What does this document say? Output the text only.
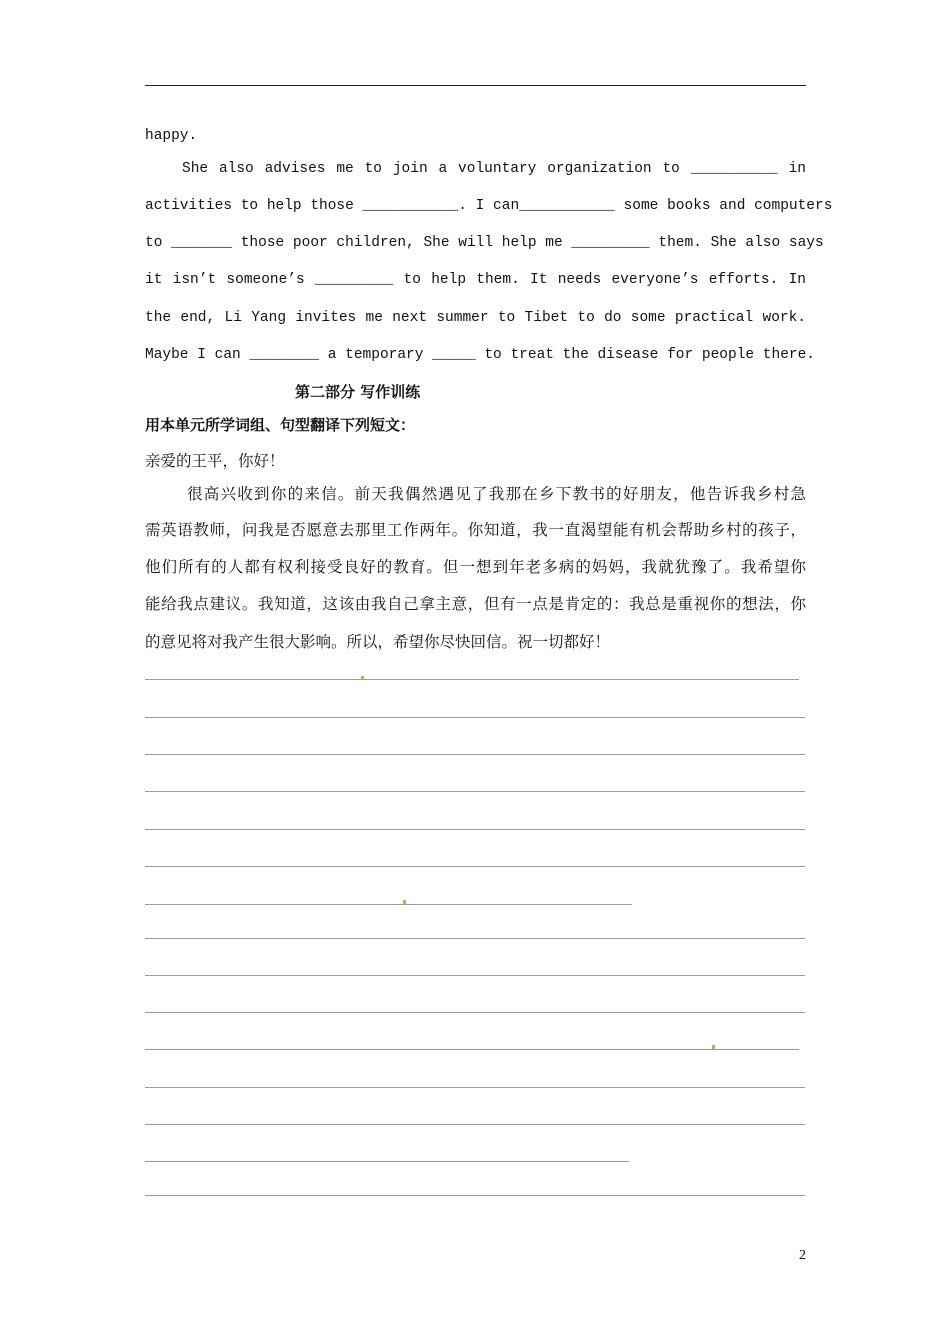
happy.
She also advises me to join a voluntary organization to __________ in
activities to help those ___________. I can___________ some books and computers
to _______ those poor children, She will help me _________ them. She also says
it isn’t someone’s _________ to help them. It needs everyone’s efforts. In
the end, Li Yang invites me next summer to Tibet to do some practical work.
Maybe I can ________ a temporary _____ to treat the disease for people there.
第二部分 写作训练
用本单元所学词组、句型翻译下列短文：
亲爱的王平，你好！
很高兴收到你的来信。前天我偶然遇见了我那在乡下教书的好朋友，他告诉我乡村急
需英语教师，问我是否愿意去那里工作两年。你知道，我一直渴望能有机会帮助乡村的孩子，
他们所有的人都有权利接受良好的教育。但一想到年老多病的妈妈，我就犹豫了。我希望你
能给我点建议。我知道，这该由我自己拿主意，但有一点是肯定的：我总是重视你的想法，你
的意见将对我产生很大影响。所以，希望你尽快回信。祝一切都好！
2
